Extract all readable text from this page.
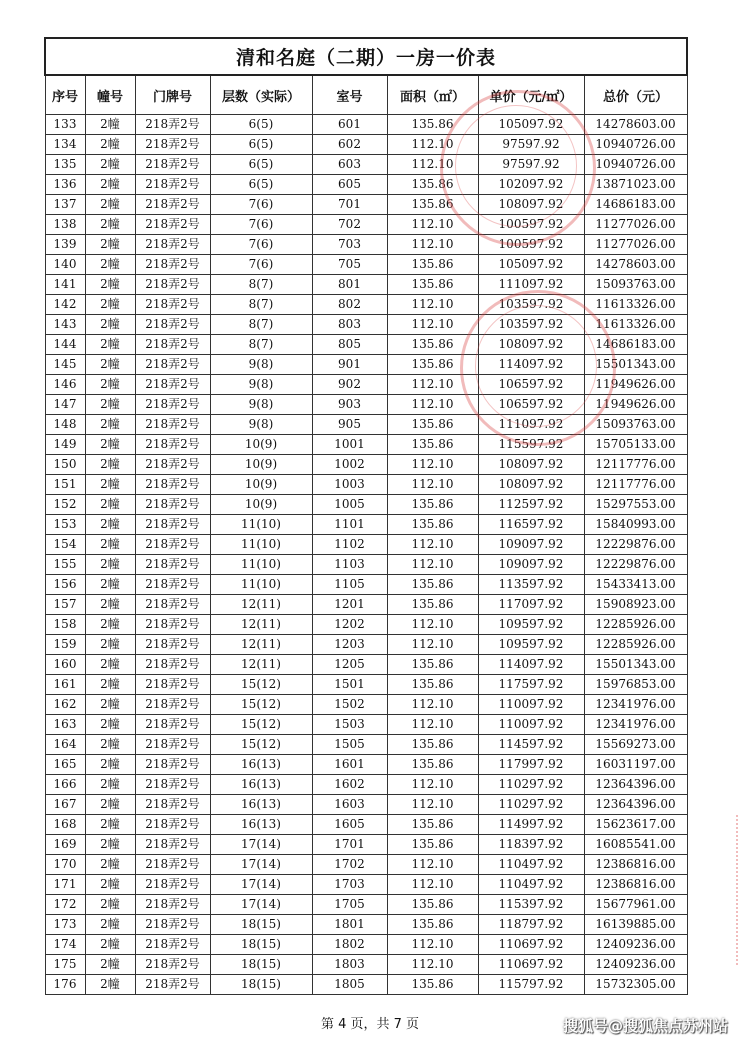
清和名庭（二期）一房一价表							
序号	幢号	门牌号	层数（实际）	室号	面积（㎡）	单价（元/㎡）	总价（元）
133	2幢	218弄2号	6(5)	601	135.86	105097.92	14278603.00
134	2幢	218弄2号	6(5)	602	112.10	97597.92	10940726.00
135	2幢	218弄2号	6(5)	603	112.10	97597.92	10940726.00
136	2幢	218弄2号	6(5)	605	135.86	102097.92	13871023.00
137	2幢	218弄2号	7(6)	701	135.86	108097.92	14686183.00
138	2幢	218弄2号	7(6)	702	112.10	100597.92	11277026.00
139	2幢	218弄2号	7(6)	703	112.10	100597.92	11277026.00
140	2幢	218弄2号	7(6)	705	135.86	105097.92	14278603.00
141	2幢	218弄2号	8(7)	801	135.86	111097.92	15093763.00
142	2幢	218弄2号	8(7)	802	112.10	103597.92	11613326.00
143	2幢	218弄2号	8(7)	803	112.10	103597.92	11613326.00
144	2幢	218弄2号	8(7)	805	135.86	108097.92	14686183.00
145	2幢	218弄2号	9(8)	901	135.86	114097.92	15501343.00
146	2幢	218弄2号	9(8)	902	112.10	106597.92	11949626.00
147	2幢	218弄2号	9(8)	903	112.10	106597.92	11949626.00
148	2幢	218弄2号	9(8)	905	135.86	111097.92	15093763.00
149	2幢	218弄2号	10(9)	1001	135.86	115597.92	15705133.00
150	2幢	218弄2号	10(9)	1002	112.10	108097.92	12117776.00
151	2幢	218弄2号	10(9)	1003	112.10	108097.92	12117776.00
152	2幢	218弄2号	10(9)	1005	135.86	112597.92	15297553.00
153	2幢	218弄2号	11(10)	1101	135.86	116597.92	15840993.00
154	2幢	218弄2号	11(10)	1102	112.10	109097.92	12229876.00
155	2幢	218弄2号	11(10)	1103	112.10	109097.92	12229876.00
156	2幢	218弄2号	11(10)	1105	135.86	113597.92	15433413.00
157	2幢	218弄2号	12(11)	1201	135.86	117097.92	15908923.00
158	2幢	218弄2号	12(11)	1202	112.10	109597.92	12285926.00
159	2幢	218弄2号	12(11)	1203	112.10	109597.92	12285926.00
160	2幢	218弄2号	12(11)	1205	135.86	114097.92	15501343.00
161	2幢	218弄2号	15(12)	1501	135.86	117597.92	15976853.00
162	2幢	218弄2号	15(12)	1502	112.10	110097.92	12341976.00
163	2幢	218弄2号	15(12)	1503	112.10	110097.92	12341976.00
164	2幢	218弄2号	15(12)	1505	135.86	114597.92	15569273.00
165	2幢	218弄2号	16(13)	1601	135.86	117997.92	16031197.00
166	2幢	218弄2号	16(13)	1602	112.10	110297.92	12364396.00
167	2幢	218弄2号	16(13)	1603	112.10	110297.92	12364396.00
168	2幢	218弄2号	16(13)	1605	135.86	114997.92	15623617.00
169	2幢	218弄2号	17(14)	1701	135.86	118397.92	16085541.00
170	2幢	218弄2号	17(14)	1702	112.10	110497.92	12386816.00
171	2幢	218弄2号	17(14)	1703	112.10	110497.92	12386816.00
172	2幢	218弄2号	17(14)	1705	135.86	115397.92	15677961.00
173	2幢	218弄2号	18(15)	1801	135.86	118797.92	16139885.00
174	2幢	218弄2号	18(15)	1802	112.10	110697.92	12409236.00
175	2幢	218弄2号	18(15)	1803	112.10	110697.92	12409236.00
176	2幢	218弄2号	18(15)	1805	135.86	115797.92	15732305.00
第 4 页，共 7 页	搜狐号@搜狐焦点苏州站
